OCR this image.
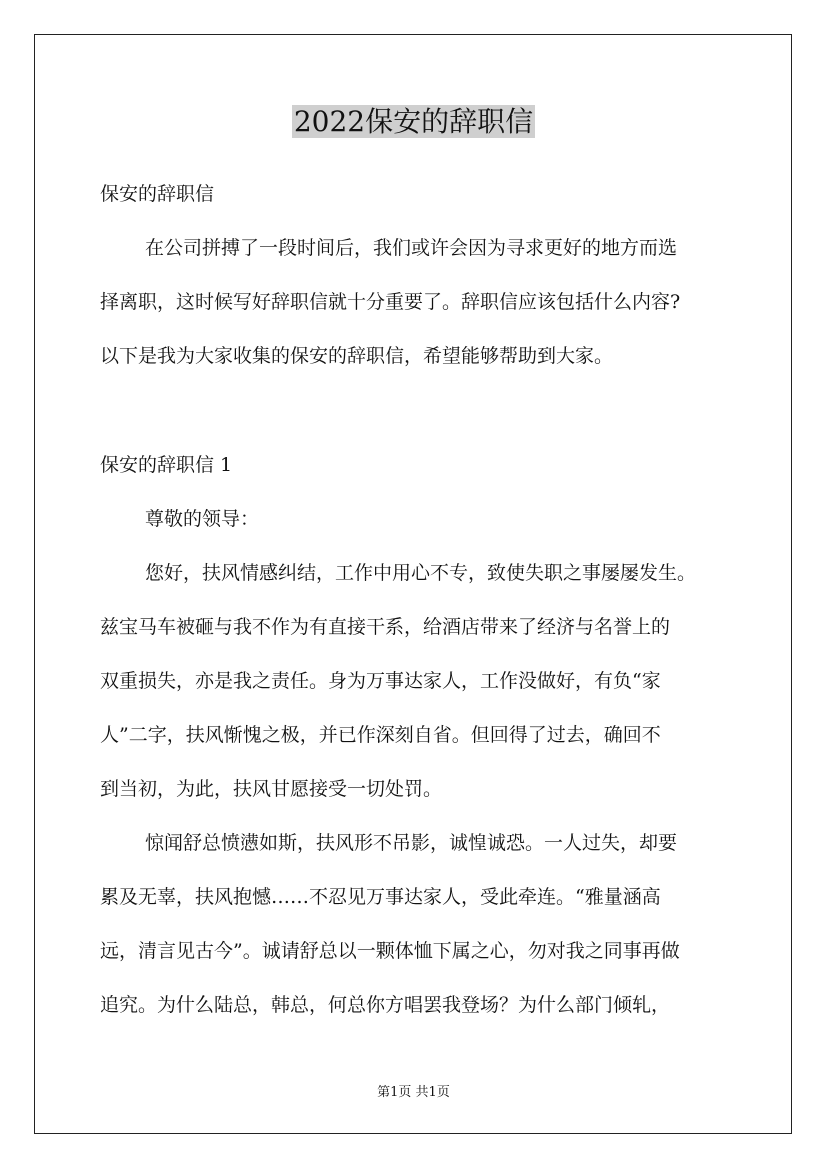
2022保安的辞职信
保安的辞职信
在公司拼搏了一段时间后，我们或许会因为寻求更好的地方而选
择离职，这时候写好辞职信就十分重要了。辞职信应该包括什么内容?
以下是我为大家收集的保安的辞职信，希望能够帮助到大家。
保安的辞职信 1
尊敬的领导：
您好，扶风情感纠结，工作中用心不专，致使失职之事屡屡发生。
兹宝马车被砸与我不作为有直接干系，给酒店带来了经济与名誉上的
双重损失，亦是我之责任。身为万事达家人，工作没做好，有负“家
人”二字，扶风惭愧之极，并已作深刻自省。但回得了过去，确回不
到当初，为此，扶风甘愿接受一切处罚。
惊闻舒总愤懑如斯，扶风形不吊影，诚惶诚恐。一人过失，却要
累及无辜，扶风抱憾……不忍见万事达家人，受此牵连。“雅量涵高
远，清言见古今”。诚请舒总以一颗体恤下属之心，勿对我之同事再做
追究。为什么陆总，韩总，何总你方唱罢我登场？为什么部门倾轧，
第1页 共1页
